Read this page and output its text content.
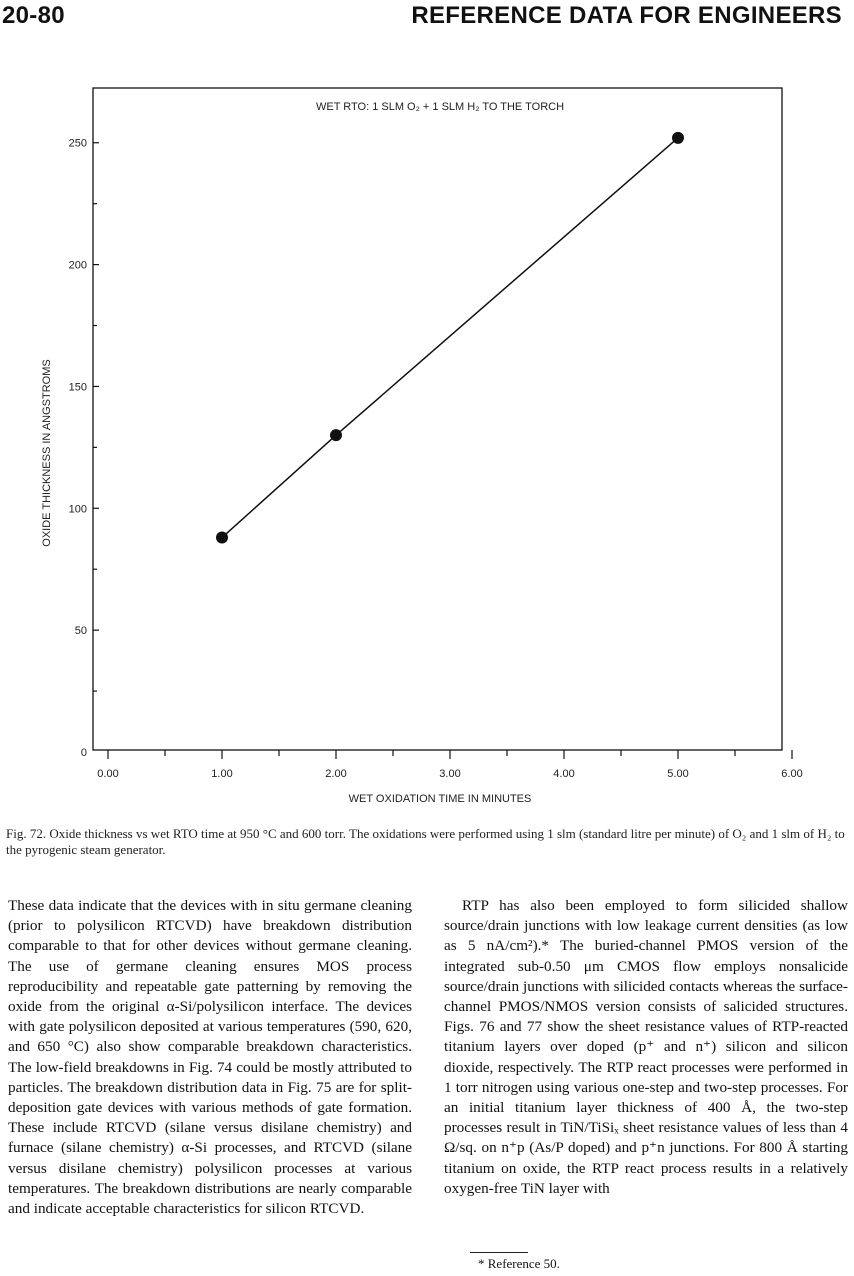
20-80	REFERENCE DATA FOR ENGINEERS
WET RTO: 1 SLM O₂ + 1 SLM H₂ TO THE TORCH
0
50
100
150
200
250
0.00	1.00	2.00	3.00	4.00	5.00	6.00
WET OXIDATION TIME IN MINUTES
OXIDE THICKNESS IN ANGSTROMS
Fig. 72. Oxide thickness vs wet RTO time at 950 °C and 600 torr. The oxidations were performed using 1 slm (standard litre per minute) of O₂ and 1 slm of H₂ to the pyrogenic steam generator.

These data indicate that the devices with in situ germane cleaning (prior to polysilicon RTCVD) have breakdown distribution comparable to that for other devices without germane cleaning. The use of germane cleaning ensures MOS process reproducibility and repeatable gate patterning by removing the oxide from the original α-Si/polysilicon interface. The devices with gate polysilicon deposited at various temperatures (590, 620, and 650 °C) also show comparable breakdown characteristics. The low-field breakdowns in Fig. 74 could be mostly attributed to particles. The breakdown distribution data in Fig. 75 are for split-deposition gate devices with various methods of gate formation. These include RTCVD (silane versus disilane chemistry) and furnace (silane chemistry) α-Si processes, and RTCVD (silane versus disilane chemistry) polysilicon processes at various temperatures. The breakdown distributions are nearly comparable and indicate acceptable characteristics for silicon RTCVD.

RTP has also been employed to form silicided shallow source/drain junctions with low leakage current densities (as low as 5 nA/cm²).* The buried-channel PMOS version of the integrated sub-0.50 μm CMOS flow employs nonsalicide source/drain junctions with silicided contacts whereas the surface-channel PMOS/NMOS version consists of salicided structures. Figs. 76 and 77 show the sheet resistance values of RTP-reacted titanium layers over doped (p⁺ and n⁺) silicon and silicon dioxide, respectively. The RTP react processes were performed in 1 torr nitrogen using various one-step and two-step processes. For an initial titanium layer thickness of 400 Å, the two-step processes result in TiN/TiSiₓ sheet resistance values of less than 4 Ω/sq. on n⁺p (As/P doped) and p⁺n junctions. For 800 Å starting titanium on oxide, the RTP react process results in a relatively oxygen-free TiN layer with

* Reference 50.
